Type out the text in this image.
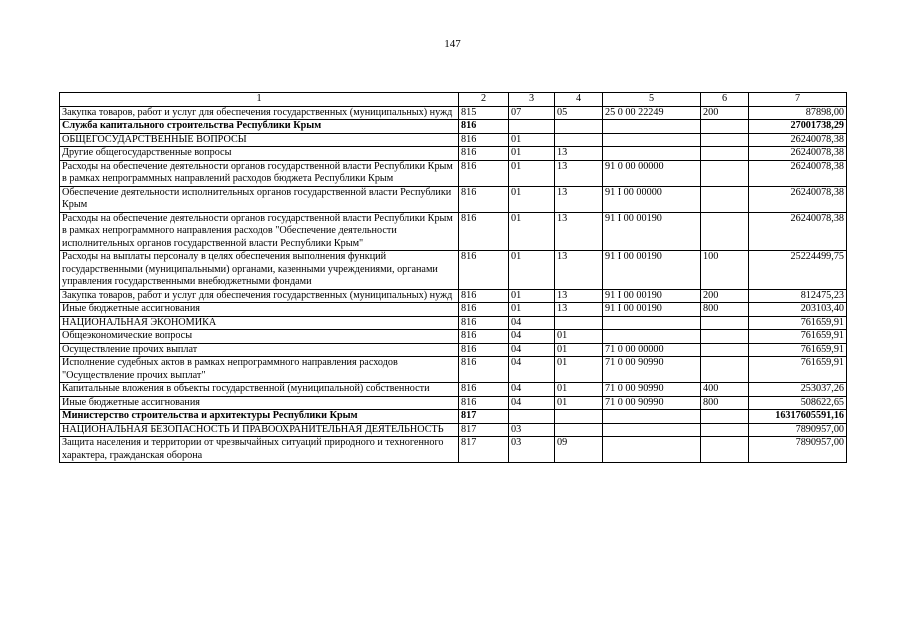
147
1	2	3	4	5	6	7
Закупка товаров, работ и услуг для обеспечения государственных (муниципальных) нужд	815	07	05	25 0 00 22249	200	87898,00
Служба капитального строительства Республики Крым	816					27001738,29
ОБЩЕГОСУДАРСТВЕННЫЕ ВОПРОСЫ	816	01				26240078,38
Другие общегосударственные вопросы	816	01	13			26240078,38
Расходы на обеспечение деятельности органов государственной власти Республики Крым в рамках непрограммных направлений расходов бюджета Республики Крым	816	01	13	91 0 00 00000		26240078,38
Обеспечение деятельности исполнительных органов государственной власти Республики Крым	816	01	13	91 I 00 00000		26240078,38
Расходы на обеспечение деятельности органов государственной власти Республики Крым в рамках непрограммного направления расходов "Обеспечение деятельности исполнительных органов государственной власти Республики Крым"	816	01	13	91 I 00 00190		26240078,38
Расходы на выплаты персоналу в целях обеспечения выполнения функций государственными (муниципальными) органами, казенными учреждениями, органами управления государственными внебюджетными фондами	816	01	13	91 I 00 00190	100	25224499,75
Закупка товаров, работ и услуг для обеспечения государственных (муниципальных) нужд	816	01	13	91 I 00 00190	200	812475,23
Иные бюджетные ассигнования	816	01	13	91 I 00 00190	800	203103,40
НАЦИОНАЛЬНАЯ ЭКОНОМИКА	816	04				761659,91
Общеэкономические вопросы	816	04	01			761659,91
Осуществление прочих выплат	816	04	01	71 0 00 00000		761659,91
Исполнение судебных актов в рамках непрограммного направления расходов "Осуществление прочих выплат"	816	04	01	71 0 00 90990		761659,91
Капитальные вложения в объекты государственной (муниципальной) собственности	816	04	01	71 0 00 90990	400	253037,26
Иные бюджетные ассигнования	816	04	01	71 0 00 90990	800	508622,65
Министерство строительства и архитектуры Республики Крым	817					16317605591,16
НАЦИОНАЛЬНАЯ БЕЗОПАСНОСТЬ И ПРАВООХРАНИТЕЛЬНАЯ ДЕЯТЕЛЬНОСТЬ	817	03				7890957,00
Защита населения и территории от чрезвычайных ситуаций природного и техногенного характера, гражданская оборона	817	03	09			7890957,00
